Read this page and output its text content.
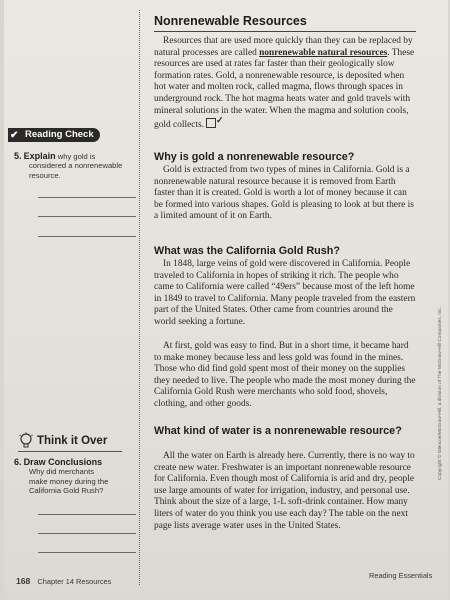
✔ Reading Check
5. Explain why gold is
considered a nonrenewable
resource.
Think it Over
6. Draw Conclusions
Why did merchants
make money during the
California Gold Rush?
Nonrenewable Resources
Resources that are used more quickly than they can be replaced by natural processes are called nonrenewable natural resources. These resources are used at rates far faster than their geologically slow formation rates. Gold, a nonrenewable resource, is deposited when hot water and molten rock, called magma, flows through spaces in underground rock. The hot magma heats water and gold travels with mineral solutions in the water. When the magma and solution cools, gold collects.✓
Why is gold a nonrenewable resource?
Gold is extracted from two types of mines in California. Gold is a nonrenewable natural resource because it is removed from Earth faster than it is created. Gold is worth a lot of money because it can be formed into various shapes. Gold is pleasing to look at but there is a limited amount of it on Earth.
What was the California Gold Rush?
In 1848, large veins of gold were discovered in California. People traveled to California in hopes of striking it rich. The people who came to California were called “49ers” because most of the left home in 1849 to travel to California. Many people traveled from the eastern part of the United States. Other came from countries around the world seeking a fortune.
At first, gold was easy to find. But in a short time, it became hard to make money because less and less gold was found in the mines. Those who did find gold spent most of their money on the supplies they needed to live. The people who made the most money during the California Gold Rush were merchants who sold food, shovels, clothing, and other goods.
What kind of water is a nonrenewable resource?
All the water on Earth is already here. Currently, there is no way to create new water. Freshwater is an important nonrenewable resource for California. Even though most of California is arid and dry, people use large amounts of water for irrigation, industry, and personal use. Think about the size of a large, 1-L soft-drink container. How many liters of water do you think you use each day? The table on the next page lists average water uses in the United States.
168 Chapter 14 Resources
Reading Essentials
Copyright © Glencoe/McGraw-Hill, a division of The McGraw-Hill Companies, Inc.
